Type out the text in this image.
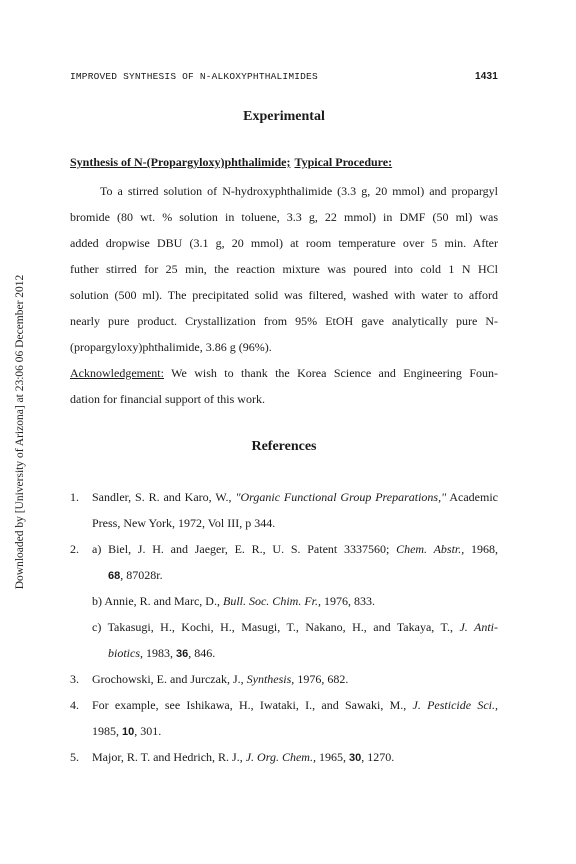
Downloaded by [University of Arizona] at 23:06 06 December 2012
IMPROVED SYNTHESIS OF N-ALKOXYPHTHALIMIDES	1431
Experimental
Synthesis of N-(Propargyloxy)phthalimide; Typical Procedure:
To a stirred solution of N-hydroxyphthalimide (3.3 g, 20 mmol) and propargyl
bromide (80 wt. % solution in toluene, 3.3 g, 22 mmol) in DMF (50 ml) was
added dropwise DBU (3.1 g, 20 mmol) at room temperature over 5 min. After
futher stirred for 25 min, the reaction mixture was poured into cold 1 N HCl
solution (500 ml). The precipitated solid was filtered, washed with water to afford
nearly pure product. Crystallization from 95% EtOH gave analytically pure N-
(propargyloxy)phthalimide, 3.86 g (96%).
Acknowledgement: We wish to thank the Korea Science and Engineering Foun-
dation for financial support of this work.
References
1.	Sandler, S. R. and Karo, W., "Organic Functional Group Preparations," Academic
Press, New York, 1972, Vol III, p 344.
2.	a) Biel, J. H. and Jaeger, E. R., U. S. Patent 3337560; Chem. Abstr., 1968,
68, 87028r.
b) Annie, R. and Marc, D., Bull. Soc. Chim. Fr., 1976, 833.
c) Takasugi, H., Kochi, H., Masugi, T., Nakano, H., and Takaya, T., J. Anti-
biotics, 1983, 36, 846.
3.	Grochowski, E. and Jurczak, J., Synthesis, 1976, 682.
4.	For example, see Ishikawa, H., Iwataki, I., and Sawaki, M., J. Pesticide Sci.,
1985, 10, 301.
5.	Major, R. T. and Hedrich, R. J., J. Org. Chem., 1965, 30, 1270.
